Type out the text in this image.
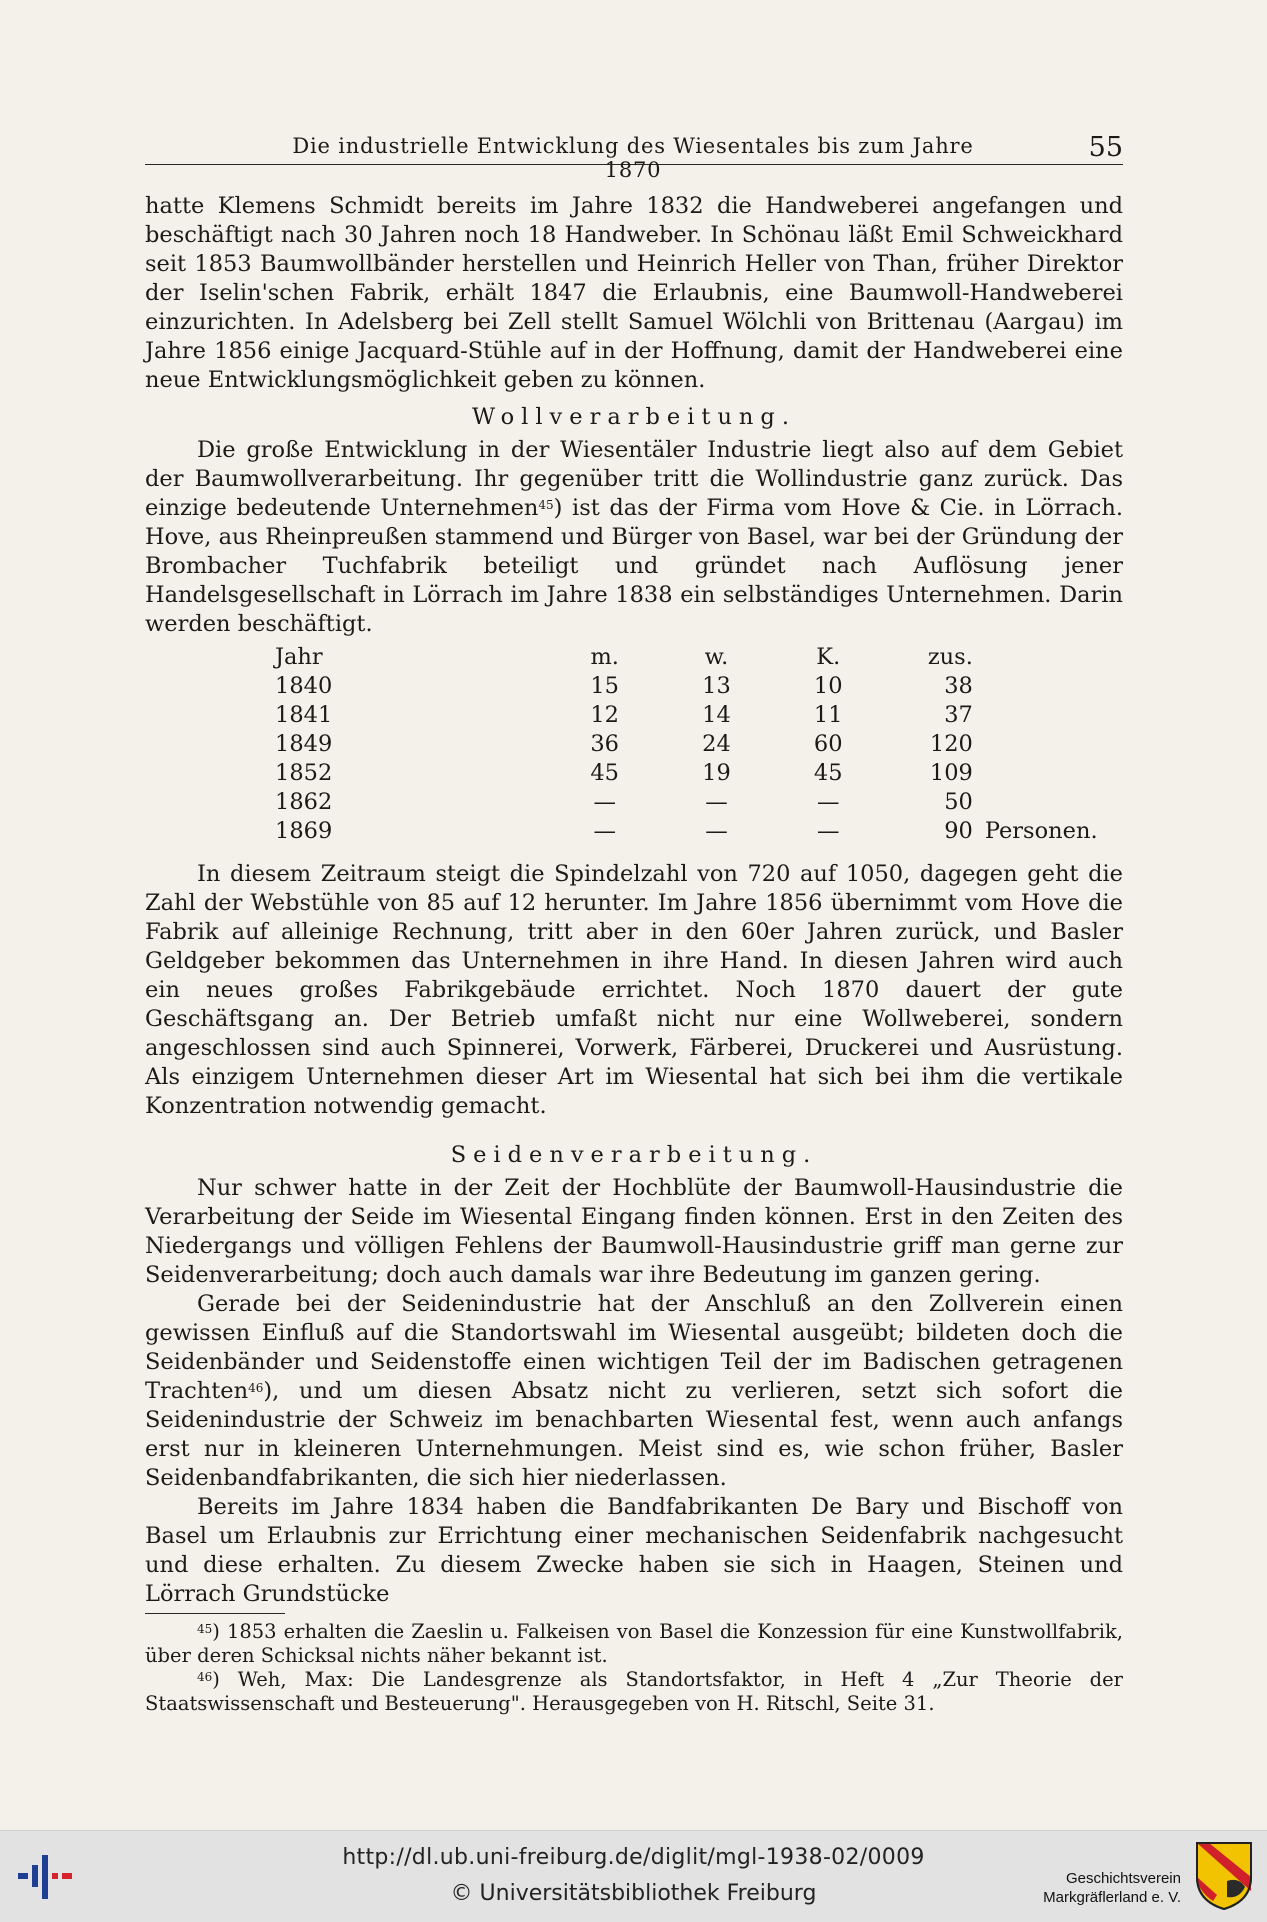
Die industrielle Entwicklung des Wiesentales bis zum Jahre 1870
55

hatte Klemens Schmidt bereits im Jahre 1832 die Handweberei angefangen und beschäftigt nach 30 Jahren noch 18 Handweber. In Schönau läßt Emil Schweickhard seit 1853 Baumwollbänder herstellen und Heinrich Heller von Than, früher Direktor der Iselin'schen Fabrik, erhält 1847 die Erlaubnis, eine Baumwoll-Handweberei einzurichten. In Adelsberg bei Zell stellt Samuel Wölchli von Brittenau (Aargau) im Jahre 1856 einige Jacquard-Stühle auf in der Hoffnung, damit der Handweberei eine neue Entwicklungsmöglichkeit geben zu können.

Wollverarbeitung.

Die große Entwicklung in der Wiesentäler Industrie liegt also auf dem Gebiet der Baumwollverarbeitung. Ihr gegenüber tritt die Wollindustrie ganz zurück. Das einzige bedeutende Unternehmen$^{45}$) ist das der Firma vom Hove & Cie. in Lörrach. Hove, aus Rheinpreußen stammend und Bürger von Basel, war bei der Gründung der Brombacher Tuchfabrik beteiligt und gründet nach Auflösung jener Handelsgesellschaft in Lörrach im Jahre 1838 ein selbständiges Unternehmen. Darin werden beschäftigt.

Jahr	m.	w.	K.	zus.	
1840	15	13	10	38	
1841	12	14	11	37	
1849	36	24	60	120	
1852	45	19	45	109	
1862	—	—	—	50	
1869	—	—	—	90	Personen.

In diesem Zeitraum steigt die Spindelzahl von 720 auf 1050, dagegen geht die Zahl der Webstühle von 85 auf 12 herunter. Im Jahre 1856 übernimmt vom Hove die Fabrik auf alleinige Rechnung, tritt aber in den 60er Jahren zurück, und Basler Geldgeber bekommen das Unternehmen in ihre Hand. In diesen Jahren wird auch ein neues großes Fabrikgebäude errichtet. Noch 1870 dauert der gute Geschäftsgang an. Der Betrieb umfaßt nicht nur eine Wollweberei, sondern angeschlossen sind auch Spinnerei, Vorwerk, Färberei, Druckerei und Ausrüstung. Als einzigem Unternehmen dieser Art im Wiesental hat sich bei ihm die vertikale Konzentration notwendig gemacht.

Seidenverarbeitung.

Nur schwer hatte in der Zeit der Hochblüte der Baumwoll-Hausindustrie die Verarbeitung der Seide im Wiesental Eingang finden können. Erst in den Zeiten des Niedergangs und völligen Fehlens der Baumwoll-Hausindustrie griff man gerne zur Seidenverarbeitung; doch auch damals war ihre Bedeutung im ganzen gering.

Gerade bei der Seidenindustrie hat der Anschluß an den Zollverein einen gewissen Einfluß auf die Standortswahl im Wiesental ausgeübt; bildeten doch die Seidenbänder und Seidenstoffe einen wichtigen Teil der im Badischen getragenen Trachten$^{46}$), und um diesen Absatz nicht zu verlieren, setzt sich sofort die Seidenindustrie der Schweiz im benachbarten Wiesental fest, wenn auch anfangs erst nur in kleineren Unternehmungen. Meist sind es, wie schon früher, Basler Seidenbandfabrikanten, die sich hier niederlassen.

Bereits im Jahre 1834 haben die Bandfabrikanten De Bary und Bischoff von Basel um Erlaubnis zur Errichtung einer mechanischen Seidenfabrik nachgesucht und diese erhalten. Zu diesem Zwecke haben sie sich in Haagen, Steinen und Lörrach Grundstücke

$^{45}$) 1853 erhalten die Zaeslin u. Falkeisen von Basel die Konzession für eine Kunstwollfabrik, über deren Schicksal nichts näher bekannt ist.

$^{46}$) Weh, Max: Die Landesgrenze als Standortsfaktor, in Heft 4 „Zur Theorie der Staatswissenschaft und Besteuerung". Herausgegeben von H. Ritschl, Seite 31.

http://dl.ub.uni-freiburg.de/diglit/mgl-1938-02/0009
© Universitätsbibliothek Freiburg
Geschichtsverein
Markgräflerland e. V.
